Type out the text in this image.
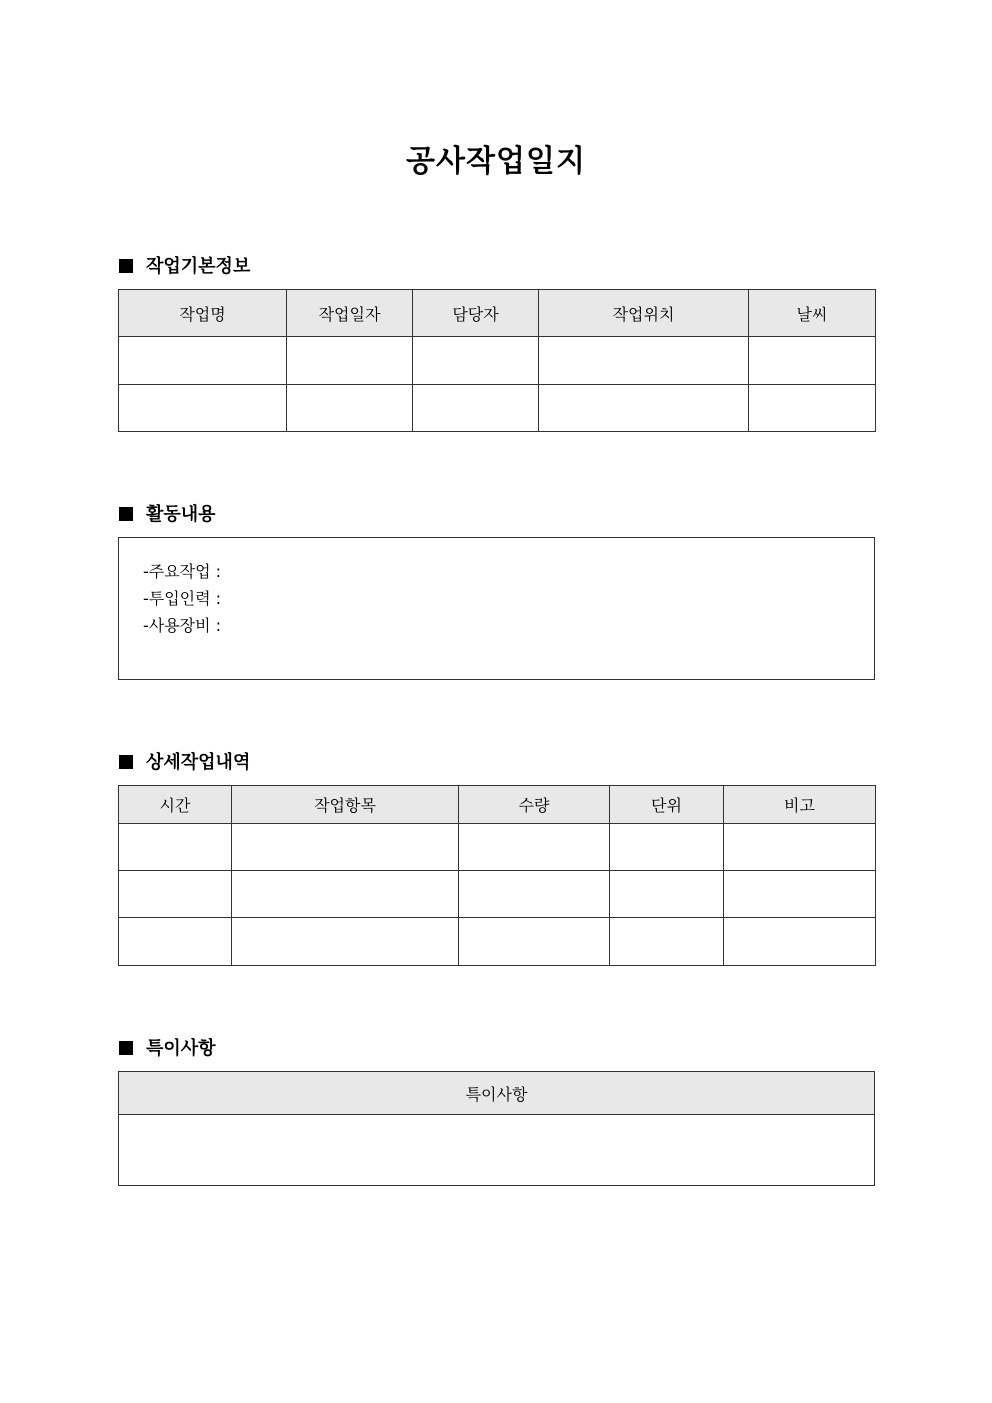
공사작업일지
작업기본정보
작업명	작업일자	담당자	작업위치	날씨

활동내용
-주요작업 :
-투입인력 :
-사용장비 :
상세작업내역
시간	작업항목	수량	단위	비고

특이사항
특이사항
